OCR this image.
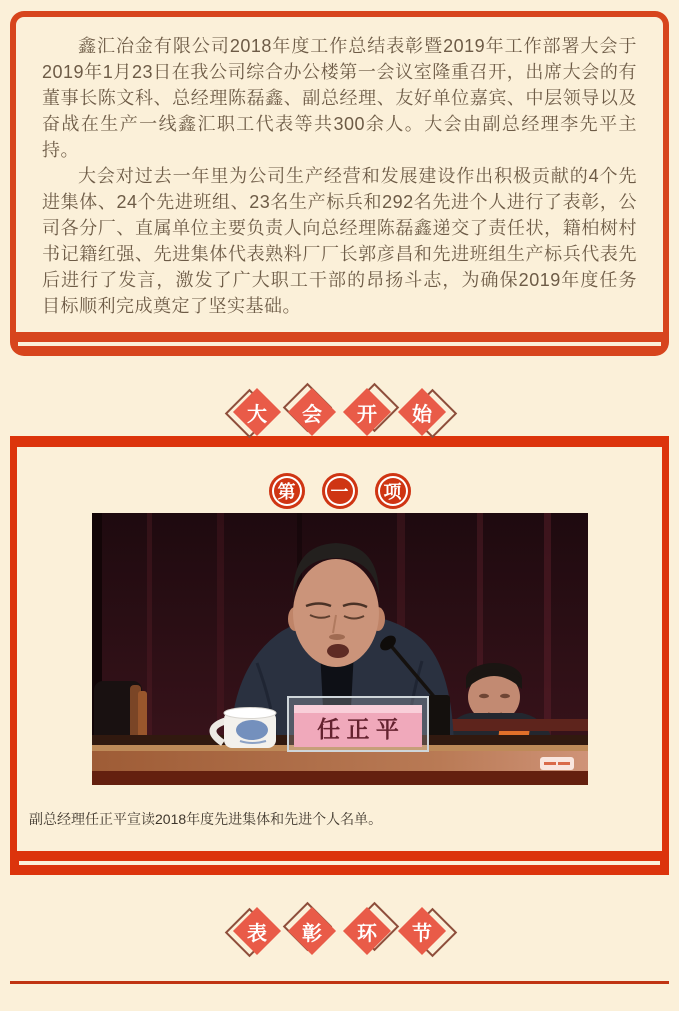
鑫汇冶金有限公司2018年度工作总结表彰暨2019年工作部署大会于2019年1月23日在我公司综合办公楼第一会议室隆重召开，出席大会的有董事长陈文科、总经理陈磊鑫、副总经理、友好单位嘉宾、中层领导以及奋战在生产一线鑫汇职工代表等共300余人。大会由副总经理李先平主持。

大会对过去一年里为公司生产经营和发展建设作出积极贡献的4个先进集体、24个先进班组、23名生产标兵和292名先进个人进行了表彰，公司各分厂、直属单位主要负责人向总经理陈磊鑫递交了责任状，籍柏树村书记籍红强、先进集体代表熟料厂厂长郭彦昌和先进班组生产标兵代表先后进行了发言，激发了广大职工干部的昂扬斗志，为确保2019年度任务目标顺利完成奠定了坚实基础。

大	会	开	始
第	一	项
任 正 平

副总经理任正平宣读2018年度先进集体和先进个人名单。

表	彰	环	节
